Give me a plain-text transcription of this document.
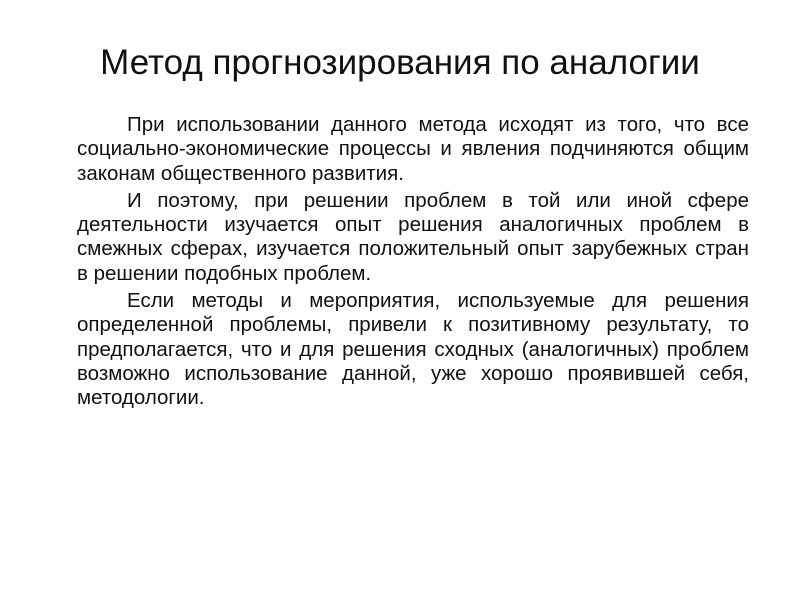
Метод прогнозирования по аналогии

При использовании данного метода исходят из того, что все социально-экономические процессы и явления подчиняются общим законам общественного развития.

И поэтому, при решении проблем в той или иной сфере деятельности изучается опыт решения аналогичных проблем в смежных сферах, изучается положительный опыт зарубежных стран в решении подобных проблем.

Если методы и мероприятия, используемые для решения определенной проблемы, привели к позитивному результату, то предполагается, что и для решения сходных (аналогичных) проблем возможно использование данной, уже хорошо проявившей себя, методологии.
